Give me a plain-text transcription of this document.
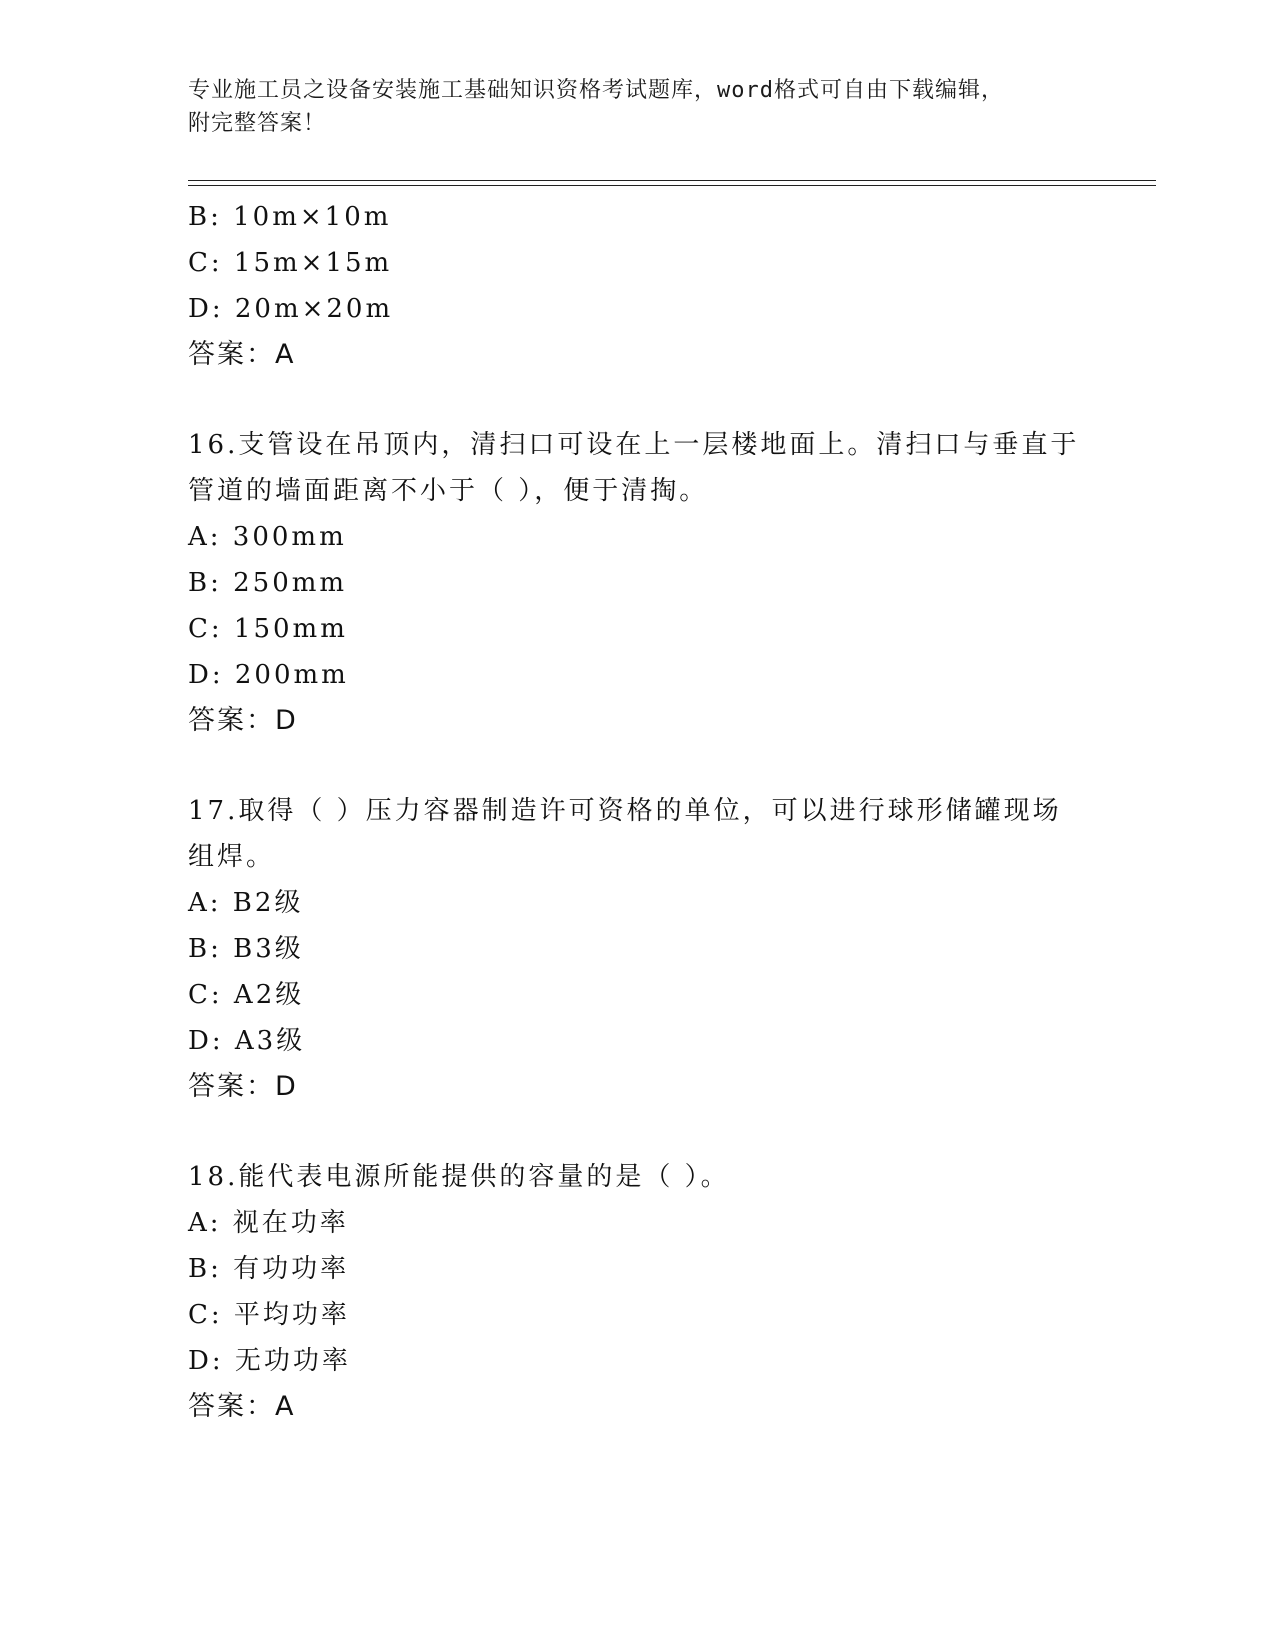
专业施工员之设备安装施工基础知识资格考试题库，word格式可自由下载编辑，
附完整答案！
B: 10m×10m
C: 15m×15m
D: 20m×20m
答案：A
16.支管设在吊顶内，清扫口可设在上一层楼地面上。清扫口与垂直于
管道的墙面距离不小于（ ），便于清掏。
A: 300mm
B: 250mm
C: 150mm
D: 200mm
答案：D
17.取得（ ）压力容器制造许可资格的单位，可以进行球形储罐现场
组焊。
A: B2级
B: B3级
C: A2级
D: A3级
答案：D
18.能代表电源所能提供的容量的是（ ）。
A: 视在功率
B: 有功功率
C: 平均功率
D: 无功功率
答案：A
